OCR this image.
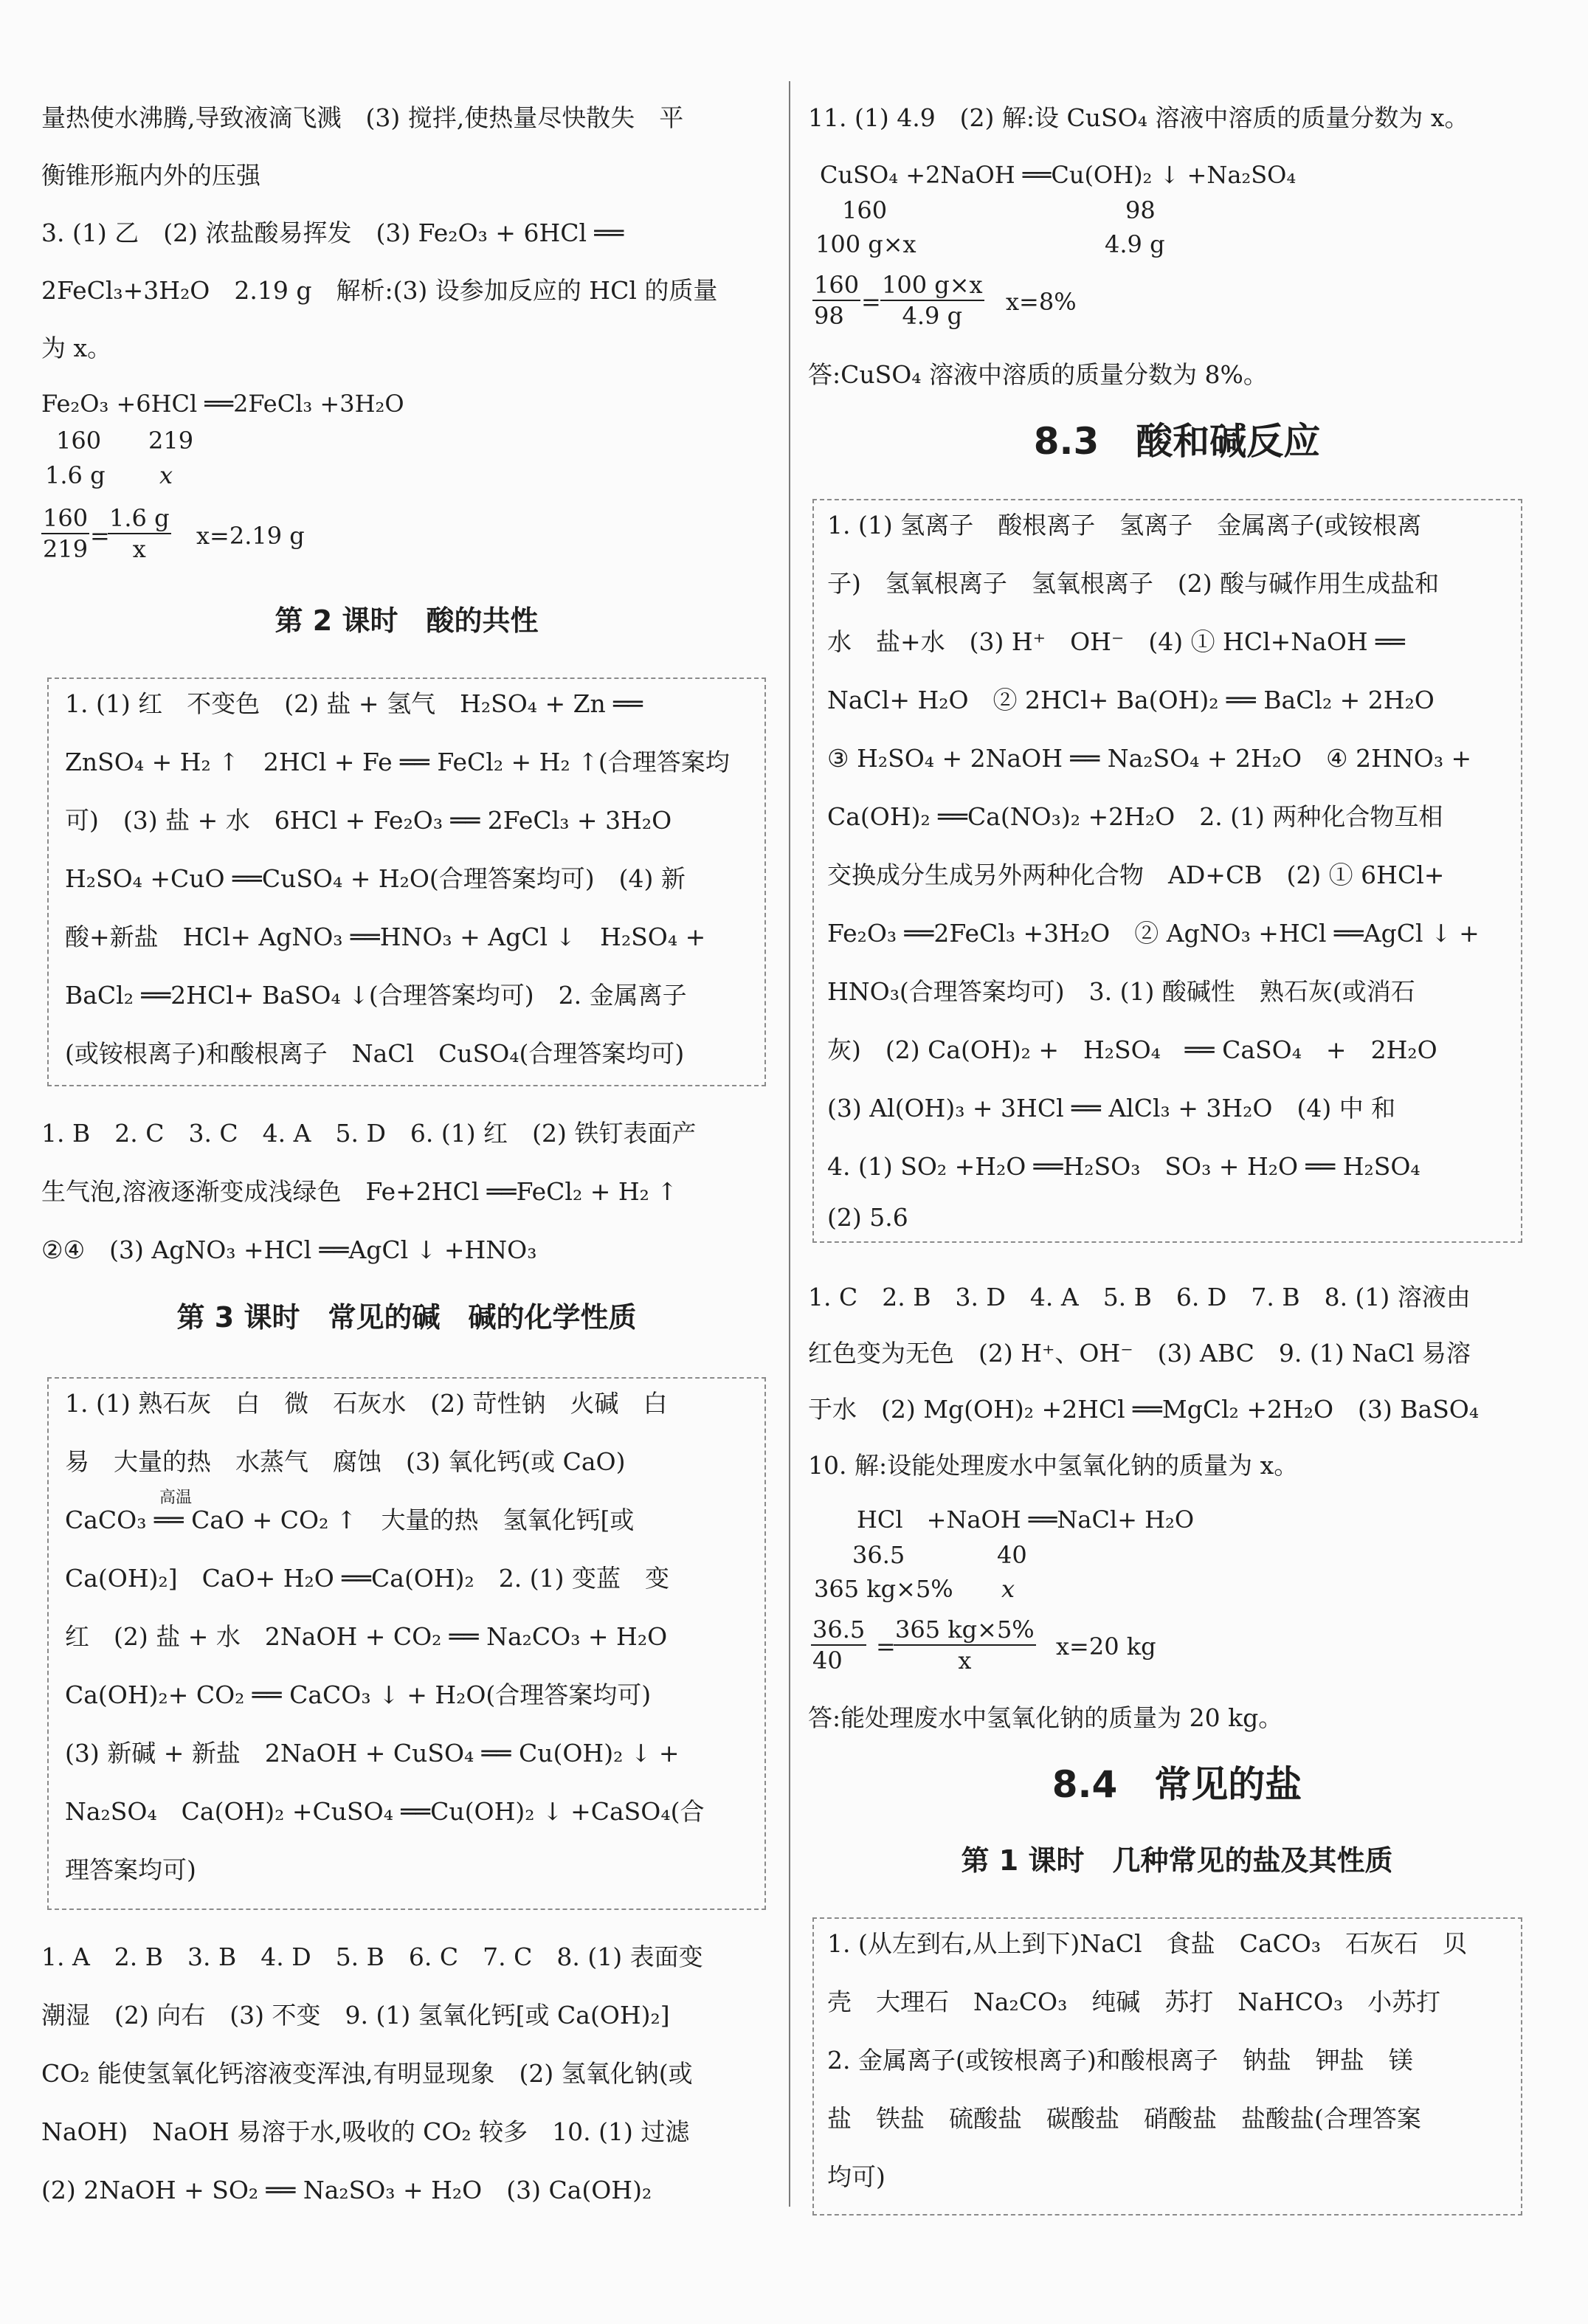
量热使水沸腾,导致液滴飞溅　(3) 搅拌,使热量尽快散失　平

衡锥形瓶内外的压强

3. (1) 乙　(2) 浓盐酸易挥发　(3) Fe₂O₃ + 6HCl ══

2FeCl₃+3H₂O　2.19 g　解析:(3) 设参加反应的 HCl 的质量

为 x。

Fe₂O₃ +6HCl ══2FeCl₃ +3H₂O
160 219
1.6 g x
$\frac{160}{219}$ =
$\frac{1.6 g}{x} x=2.19$ g
第 2 课时　酸的共性

1. (1) 红　不变色　(2) 盐 + 氢气　H₂SO₄ + Zn ══

ZnSO₄ + H₂ ↑　2HCl + Fe ══ FeCl₂ + H₂ ↑(合理答案均

可)　(3) 盐 + 水　6HCl + Fe₂O₃ ══ 2FeCl₃ + 3H₂O

H₂SO₄ +CuO ══CuSO₄ + H₂O(合理答案均可)　(4) 新

酸+新盐　HCl+ AgNO₃ ══HNO₃ + AgCl ↓　H₂SO₄ +

BaCl₂ ══2HCl+ BaSO₄ ↓(合理答案均可)　2. 金属离子

(或铵根离子)和酸根离子　NaCl　CuSO₄(合理答案均可)

1. B　2. C　3. C　4. A　5. D　6. (1) 红　(2) 铁钉表面产

生气泡,溶液逐渐变成浅绿色　Fe+2HCl ══FeCl₂ + H₂ ↑

②④　(3) AgNO₃ +HCl ══AgCl ↓ +HNO₃

第 3 课时　常见的碱　碱的化学性质

1. (1) 熟石灰　白　微　石灰水　(2) 苛性钠　火碱　白

易　大量的热　水蒸气　腐蚀　(3) 氧化钙(或 CaO)

高温

CaCO₃ ══ CaO + CO₂ ↑　大量的热　氢氧化钙[或

Ca(OH)₂]　CaO+ H₂O ══Ca(OH)₂　2. (1) 变蓝　变

红　(2) 盐 + 水　2NaOH + CO₂ ══ Na₂CO₃ + H₂O

Ca(OH)₂+ CO₂ ══ CaCO₃ ↓ + H₂O(合理答案均可)

(3) 新碱 + 新盐　2NaOH + CuSO₄ ══ Cu(OH)₂ ↓ +

Na₂SO₄　Ca(OH)₂ +CuSO₄ ══Cu(OH)₂ ↓ +CaSO₄(合

理答案均可)

1. A　2. B　3. B　4. D　5. B　6. C　7. C　8. (1) 表面变

潮湿　(2) 向右　(3) 不变　9. (1) 氢氧化钙[或 Ca(OH)₂]

CO₂ 能使氢氧化钙溶液变浑浊,有明显现象　(2) 氢氧化钠(或

NaOH)　NaOH 易溶于水,吸收的 CO₂ 较多　10. (1) 过滤

(2) 2NaOH + SO₂ ══ Na₂SO₃ + H₂O　(3) Ca(OH)₂

11. (1) 4.9　(2) 解:设 CuSO₄ 溶液中溶质的质量分数为 x。

CuSO₄ +2NaOH ══Cu(OH)₂ ↓ +Na₂SO₄
160	98
100 g×x	4.9 g
$\frac{160}{98} = \frac{100 g\times x}{4.9 g} x=8\%$

答:CuSO₄ 溶液中溶质的质量分数为 8%。

8.3　酸和碱反应

1. (1) 氢离子　酸根离子　氢离子　金属离子(或铵根离

子)　氢氧根离子　氢氧根离子　(2) 酸与碱作用生成盐和

水　盐+水　(3) H⁺　OH⁻　(4) ① HCl+NaOH ══

NaCl+ H₂O　② 2HCl+ Ba(OH)₂ ══ BaCl₂ + 2H₂O

③ H₂SO₄ + 2NaOH ══ Na₂SO₄ + 2H₂O　④ 2HNO₃ +

Ca(OH)₂ ══Ca(NO₃)₂ +2H₂O　2. (1) 两种化合物互相

交换成分生成另外两种化合物　AD+CB　(2) ① 6HCl+

Fe₂O₃ ══2FeCl₃ +3H₂O　② AgNO₃ +HCl ══AgCl ↓ +

HNO₃(合理答案均可)　3. (1) 酸碱性　熟石灰(或消石

灰)　(2) Ca(OH)₂ +　H₂SO₄　══ CaSO₄　+　2H₂O

(3) Al(OH)₃ + 3HCl ══ AlCl₃ + 3H₂O　(4) 中 和

4. (1) SO₂ +H₂O ══H₂SO₃　SO₃ + H₂O ══ H₂SO₄

(2) 5.6

1. C　2. B　3. D　4. A　5. B　6. D　7. B　8. (1) 溶液由

红色变为无色　(2) H⁺、OH⁻　(3) ABC　9. (1) NaCl 易溶

于水　(2) Mg(OH)₂ +2HCl ══MgCl₂ +2H₂O　(3) BaSO₄

10. 解:设能处理废水中氢氧化钠的质量为 x。

HCl　+NaOH ══NaCl+ H₂O
36.5	40
365 kg×5% x
$\frac{36.5}{40}$ =
$\frac{365 kg\times 5\%}{x} x=20$ kg

答:能处理废水中氢氧化钠的质量为 20 kg。

8.4　常见的盐
第 1 课时　几种常见的盐及其性质

1. (从左到右,从上到下)NaCl　食盐　CaCO₃　石灰石　贝

壳　大理石　Na₂CO₃　纯碱　苏打　NaHCO₃　小苏打

2. 金属离子(或铵根离子)和酸根离子　钠盐　钾盐　镁

盐　铁盐　硫酸盐　碳酸盐　硝酸盐　盐酸盐(合理答案

均可)
